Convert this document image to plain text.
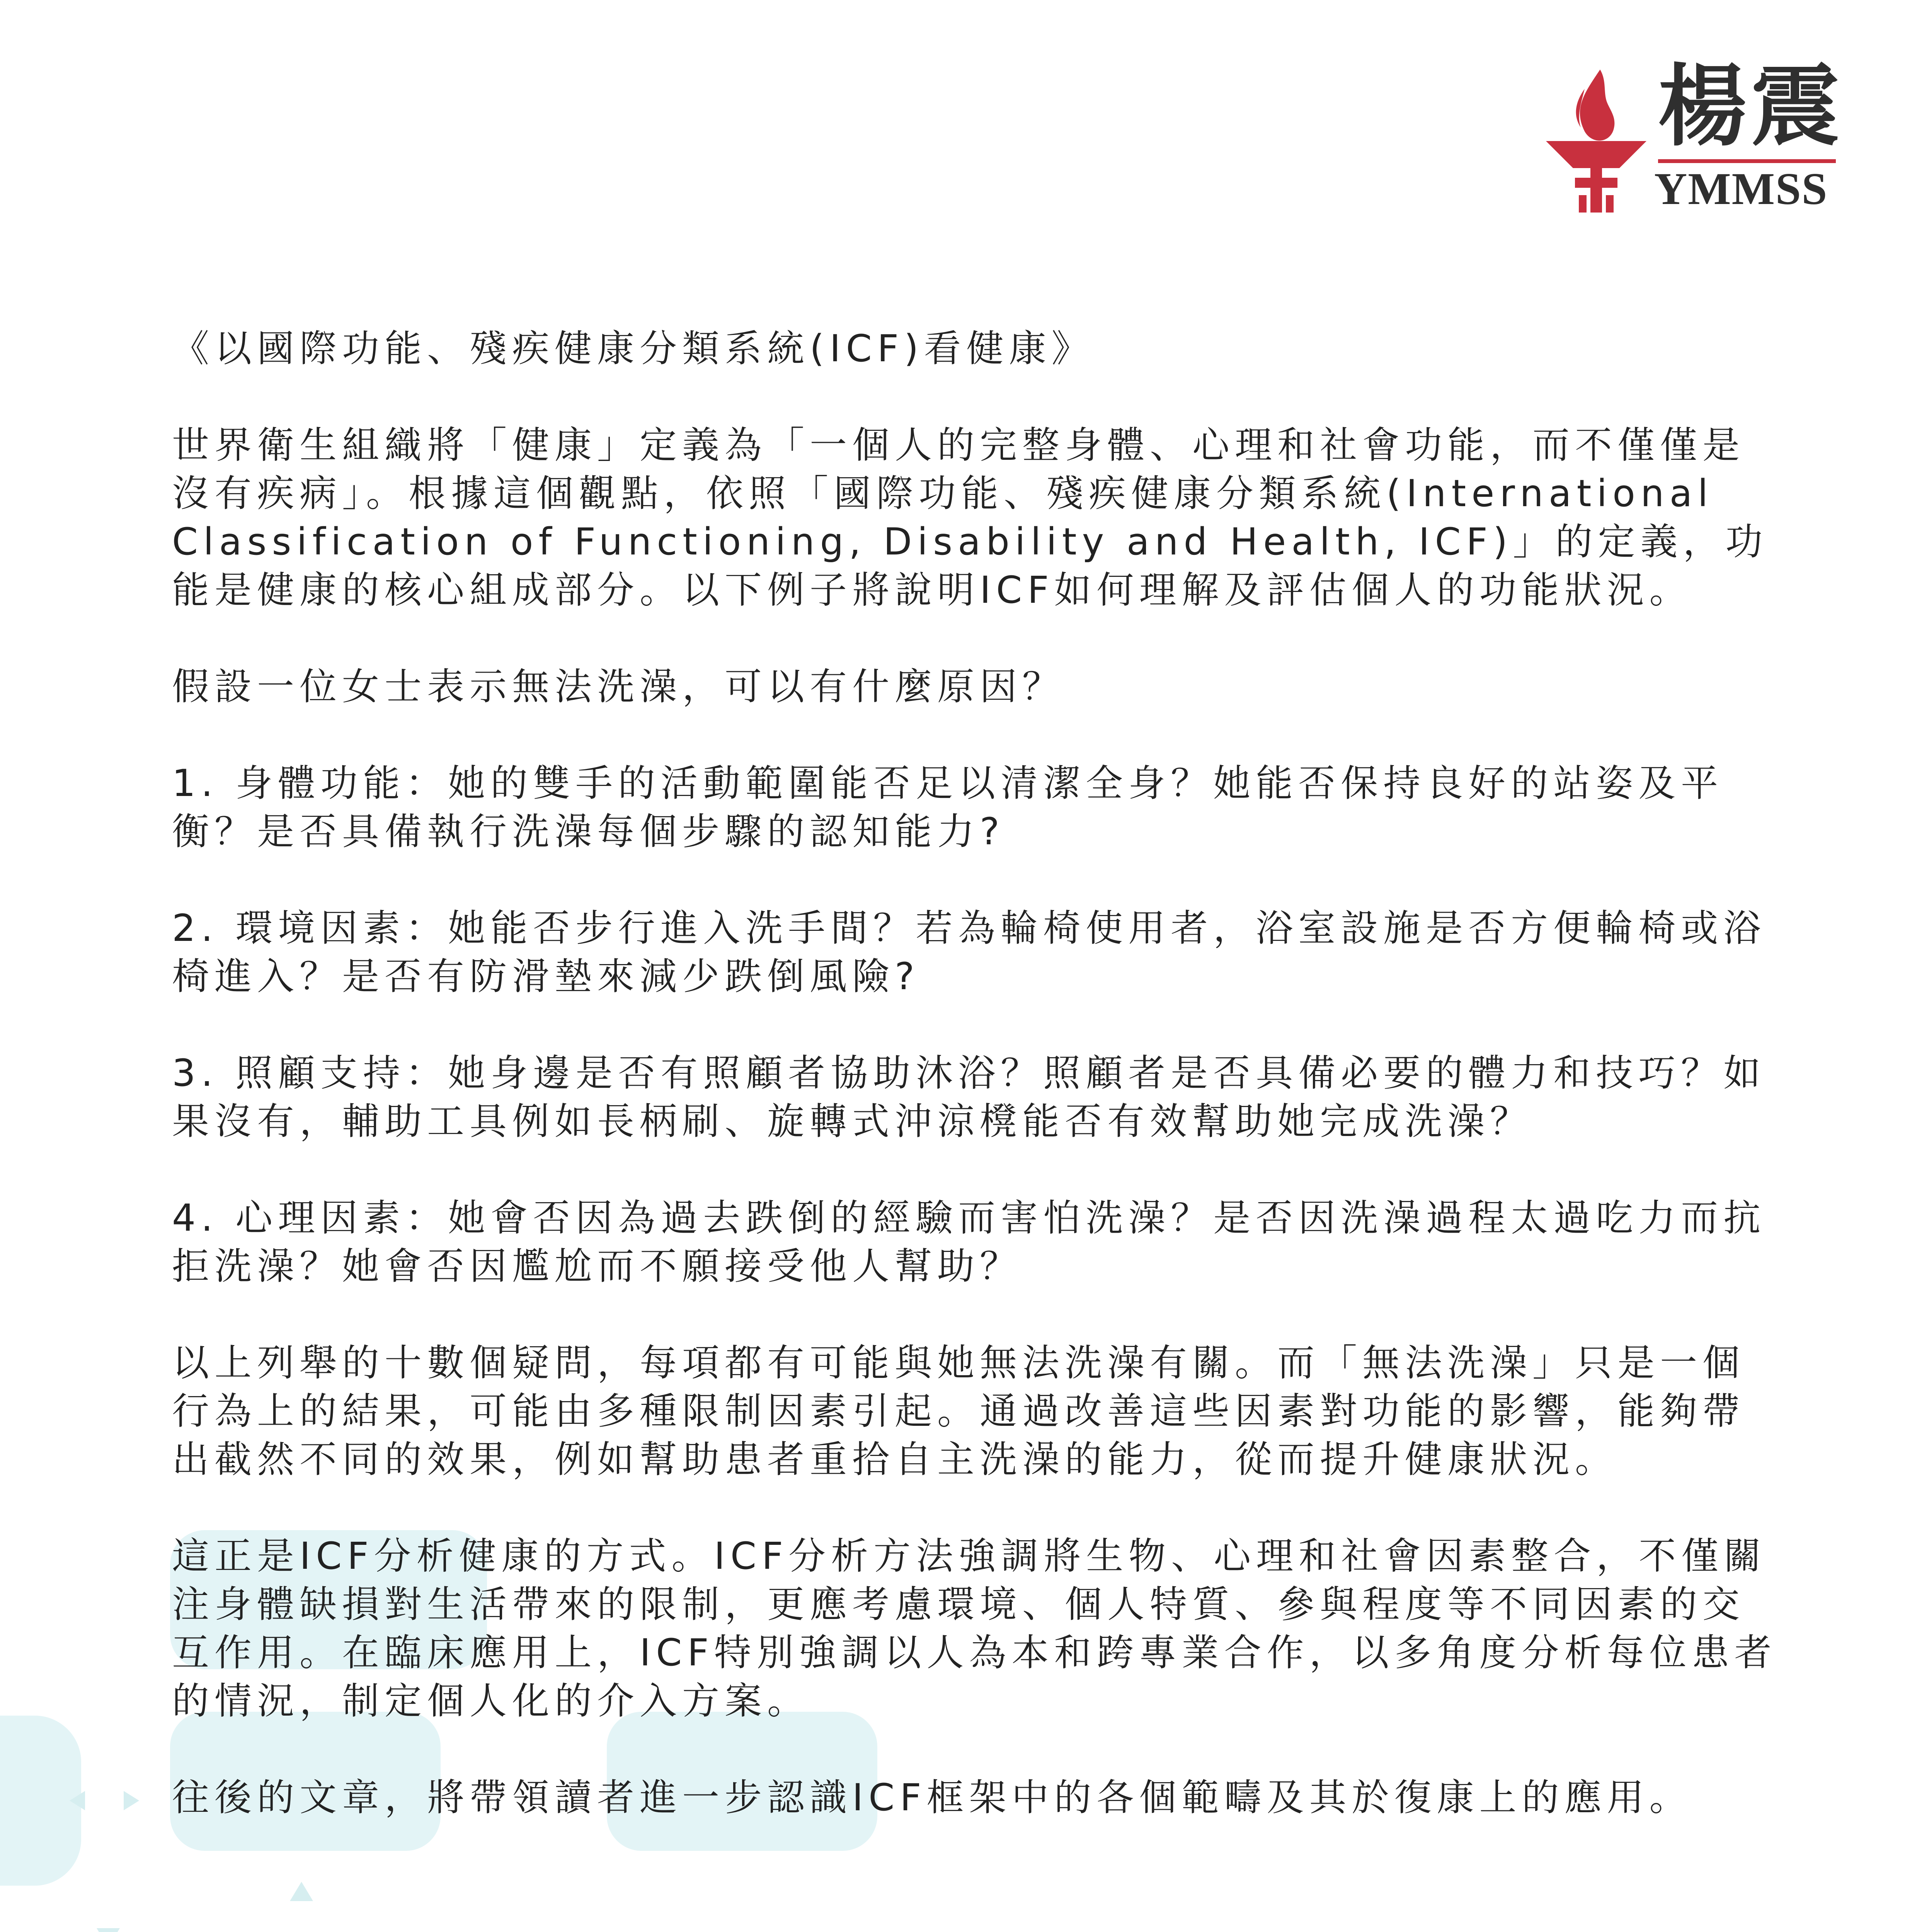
楊震
YMMSS

《以國際功能、殘疾健康分類系統(ICF)看健康》

世界衛生組織將「健康」定義為「一個人的完整身體、心理和社會功能，而不僅僅是沒有疾病」。根據這個觀點，依照「國際功能、殘疾健康分類系統(International Classification of Functioning, Disability and Health, ICF)」的定義，功能是健康的核心組成部分。以下例子將說明ICF如何理解及評估個人的功能狀況。

假設一位女士表示無法洗澡，可以有什麼原因？

1. 身體功能：她的雙手的活動範圍能否足以清潔全身？她能否保持良好的站姿及平衡？是否具備執行洗澡每個步驟的認知能力?

2. 環境因素：她能否步行進入洗手間？若為輪椅使用者，浴室設施是否方便輪椅或浴椅進入？是否有防滑墊來減少跌倒風險?

3. 照顧支持：她身邊是否有照顧者協助沐浴？照顧者是否具備必要的體力和技巧？如果沒有，輔助工具例如長柄刷、旋轉式沖涼櫈能否有效幫助她完成洗澡？

4. 心理因素：她會否因為過去跌倒的經驗而害怕洗澡？是否因洗澡過程太過吃力而抗拒洗澡？她會否因尷尬而不願接受他人幫助？

以上列舉的十數個疑問，每項都有可能與她無法洗澡有關。而「無法洗澡」只是一個行為上的結果，可能由多種限制因素引起。通過改善這些因素對功能的影響，能夠帶出截然不同的效果，例如幫助患者重拾自主洗澡的能力，從而提升健康狀況。

這正是ICF分析健康的方式。ICF分析方法強調將生物、心理和社會因素整合，不僅關注身體缺損對生活帶來的限制，更應考慮環境、個人特質、參與程度等不同因素的交互作用。在臨床應用上，ICF特別強調以人為本和跨專業合作，以多角度分析每位患者的情況，制定個人化的介入方案。

往後的文章，將帶領讀者進一步認識ICF框架中的各個範疇及其於復康上的應用。
